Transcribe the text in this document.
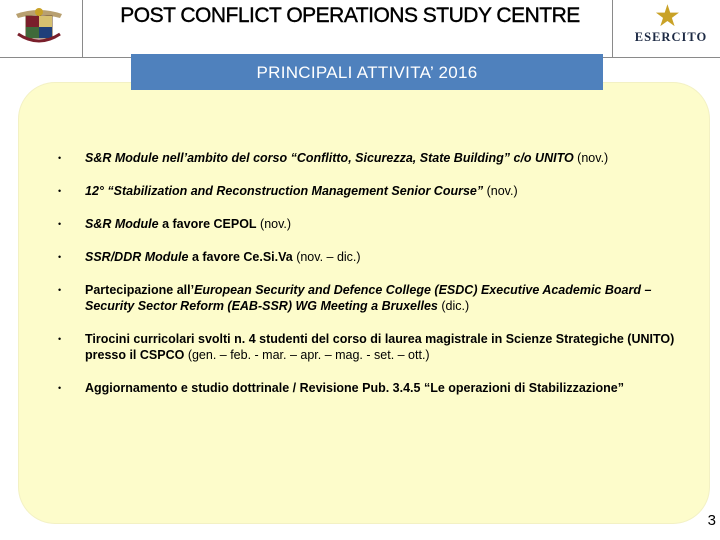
POST CONFLICT OPERATIONS STUDY CENTRE	★
ESERCITO
PRINCIPALI ATTIVITA’ 2016
• S&R Module nell’ambito del corso “Conflitto, Sicurezza, State Building” c/o UNITO (nov.)
• 12° “Stabilization and Reconstruction Management Senior Course” (nov.)
• S&R Module a favore CEPOL (nov.)
• SSR/DDR Module a favore Ce.Si.Va (nov. – dic.)
• Partecipazione all’European Security and Defence College (ESDC) Executive Academic Board – Security Sector Reform (EAB-SSR) WG Meeting a Bruxelles (dic.)
• Tirocini curricolari svolti n. 4 studenti del corso di laurea magistrale in Scienze Strategiche (UNITO) presso il CSPCO (gen. – feb. - mar. – apr. – mag. - set. – ott.)
• Aggiornamento e studio dottrinale / Revisione Pub. 3.4.5 “Le operazioni di Stabilizzazione”
3
